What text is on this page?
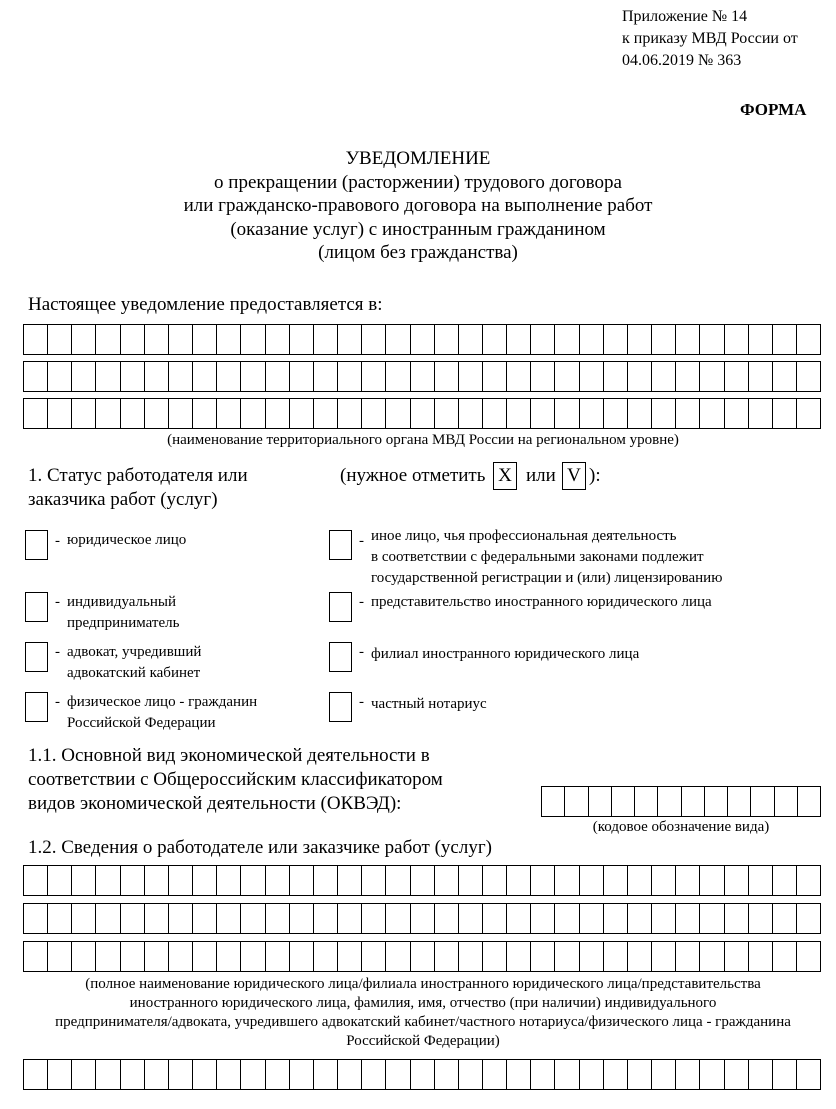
Приложение № 14
к приказу МВД России от
04.06.2019 № 363
ФОРМА
УВЕДОМЛЕНИЕ
о прекращении (расторжении) трудового договора
или гражданско-правового договора на выполнение работ
(оказание услуг) с иностранным гражданином
(лицом без гражданства)
Настоящее уведомление предоставляется в:
(наименование территориального органа МВД России на региональном уровне)
1. Статус работодателя или
заказчика работ (услуг)
(нужное отметить X или V ):
- юридическое лицо
- индивидуальный
предприниматель
- адвокат, учредивший
адвокатский кабинет
- физическое лицо - гражданин
Российской Федерации
- иное лицо, чья профессиональная деятельность
в соответствии с федеральными законами подлежит
государственной регистрации и (или) лицензированию
- представительство иностранного юридического лица
- филиал иностранного юридического лица
- частный нотариус
1.1. Основной вид экономической деятельности в
соответствии с Общероссийским классификатором
видов экономической деятельности (ОКВЭД):
(кодовое обозначение вида)
1.2. Сведения о работодателе или заказчике работ (услуг)
(полное наименование юридического лица/филиала иностранного юридического лица/представительства
иностранного юридического лица, фамилия, имя, отчество (при наличии) индивидуального
предпринимателя/адвоката, учредившего адвокатский кабинет/частного нотариуса/физического лица - гражданина
Российской Федерации)
